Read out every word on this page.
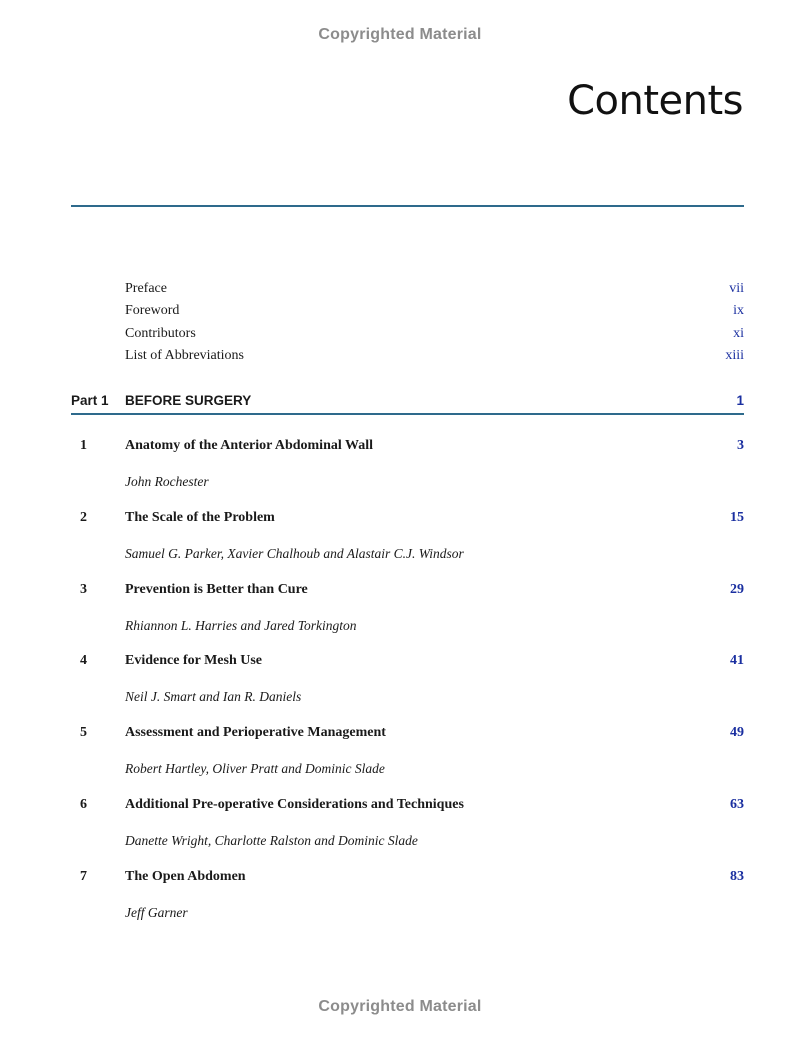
Copyrighted Material
Contents
Preface	vii
Foreword	ix
Contributors	xi
List of Abbreviations	xiii
Part 1 BEFORE SURGERY	1
1	Anatomy of the Anterior Abdominal Wall	3
John Rochester
2	The Scale of the Problem	15
Samuel G. Parker, Xavier Chalhoub and Alastair C.J. Windsor
3	Prevention is Better than Cure	29
Rhiannon L. Harries and Jared Torkington
4	Evidence for Mesh Use	41
Neil J. Smart and Ian R. Daniels
5	Assessment and Perioperative Management	49
Robert Hartley, Oliver Pratt and Dominic Slade
6	Additional Pre-operative Considerations and Techniques	63
Danette Wright, Charlotte Ralston and Dominic Slade
7	The Open Abdomen	83
Jeff Garner
Copyrighted Material
